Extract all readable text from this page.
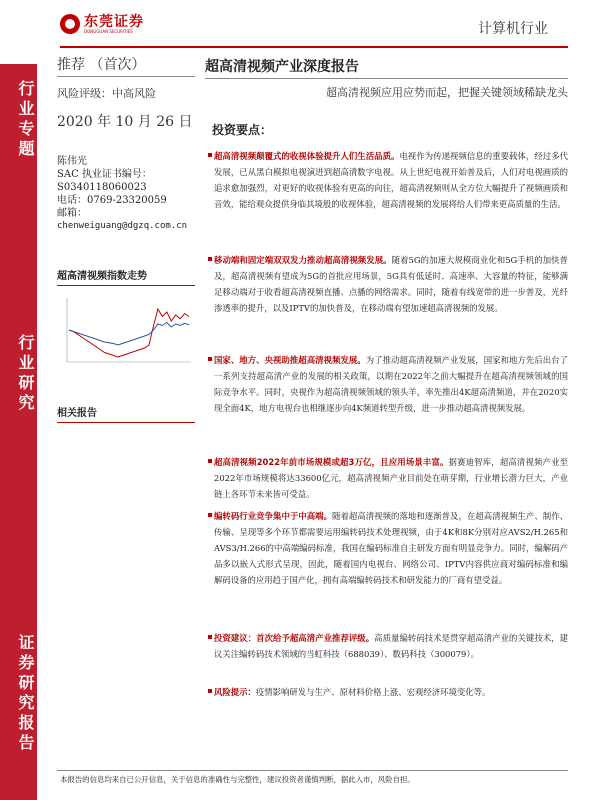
东莞证券
DONGGUAN SECURITIES	计算机行业
行业专题
行业研究
证券研究报告
推荐 （首次）
风险评级：中高风险
2020 年 10 月 26 日
陈伟光
SAC 执业证书编号：
S0340118060023
电话：0769-23320059
邮箱：
chenweiguang@dgzq.com.cn
超高清视频指数走势
相关报告
超高清视频产业深度报告
超高清视频应用应势而起，把握关键领域稀缺龙头
投资要点：
超高清视频颠覆式的收视体验提升人们生活品质。电视作为传递视频信息的重要载体，经过多代发展，已从黑白模拟电视演进到超高清数字电视。从上世纪电视开始普及后，人们对电视画质的追求愈加强烈，对更好的收视体验有更高的向往，超高清视频则从全方位大幅提升了视频画质和音效，能给观众提供身临其境般的收视体验，超高清视频的发展将给人们带来更高质量的生活。
移动端和固定端双双发力推动超高清视频发展。随着5G的加速大规模商业化和5G手机的加快普及，超高清视频有望成为5G的首批应用场景，5G具有低延时、高速率、大容量的特征，能够满足移动端对于收看超高清视频直播、点播的网络需求。同时，随着有线宽带的进一步普及，光纤渗透率的提升，以及IPTV的加快普及，在移动端有望加速超高清视频的发展。
国家、地方、央视助推超高清视频发展。为了推动超高清视频产业发展，国家和地方先后出台了一系列支持超高清产业的发展的相关政策，以期在2022年之前大幅提升在超高清视频领域的国际竞争水平。同时，央视作为超高清视频领域的领头羊，率先推出4K超高清频道，并在2020实现全面4K，地方电视台也相继逐步向4K频道转型升级，进一步推动超高清视频发展。
超高清视频2022年前市场规模或超3万亿，且应用场景丰富。据赛迪智库，超高清视频产业至2022年市场规模将达33600亿元，超高清视频产业目前处在萌芽期，行业增长潜力巨大，产业链上各环节未来皆可受益。
编转码行业竞争集中于中高端。随着超高清视频的落地和逐渐普及，在超高清视频生产、制作、传输、呈现等多个环节都需要运用编转码技术处理视频，由于4K和8K分别对应AVS2/H.265和AVS3/H.266的中高端编码标准，我国在编码标准自主研发方面有明显竞争力。同时，编解码产品多以嵌入式形式呈现，因此，随着国内电视台、网络公司、IPTV内容供应商对编码标准和编解码设备的应用趋于国产化，拥有高端编转码技术和研发能力的厂商有望受益。
投资建议：首次给予超高清产业推荐评级。高质量编转码技术是贯穿超高清产业的关键技术，建议关注编转码技术领域的当虹科技（688039）、数码科技（300079）。
风险提示：疫情影响研发与生产、原材料价格上涨、宏观经济环境变化等。
本报告的信息均来自已公开信息，关于信息的准确性与完整性，建议投资者谨慎判断，据此入市，风险自担。
